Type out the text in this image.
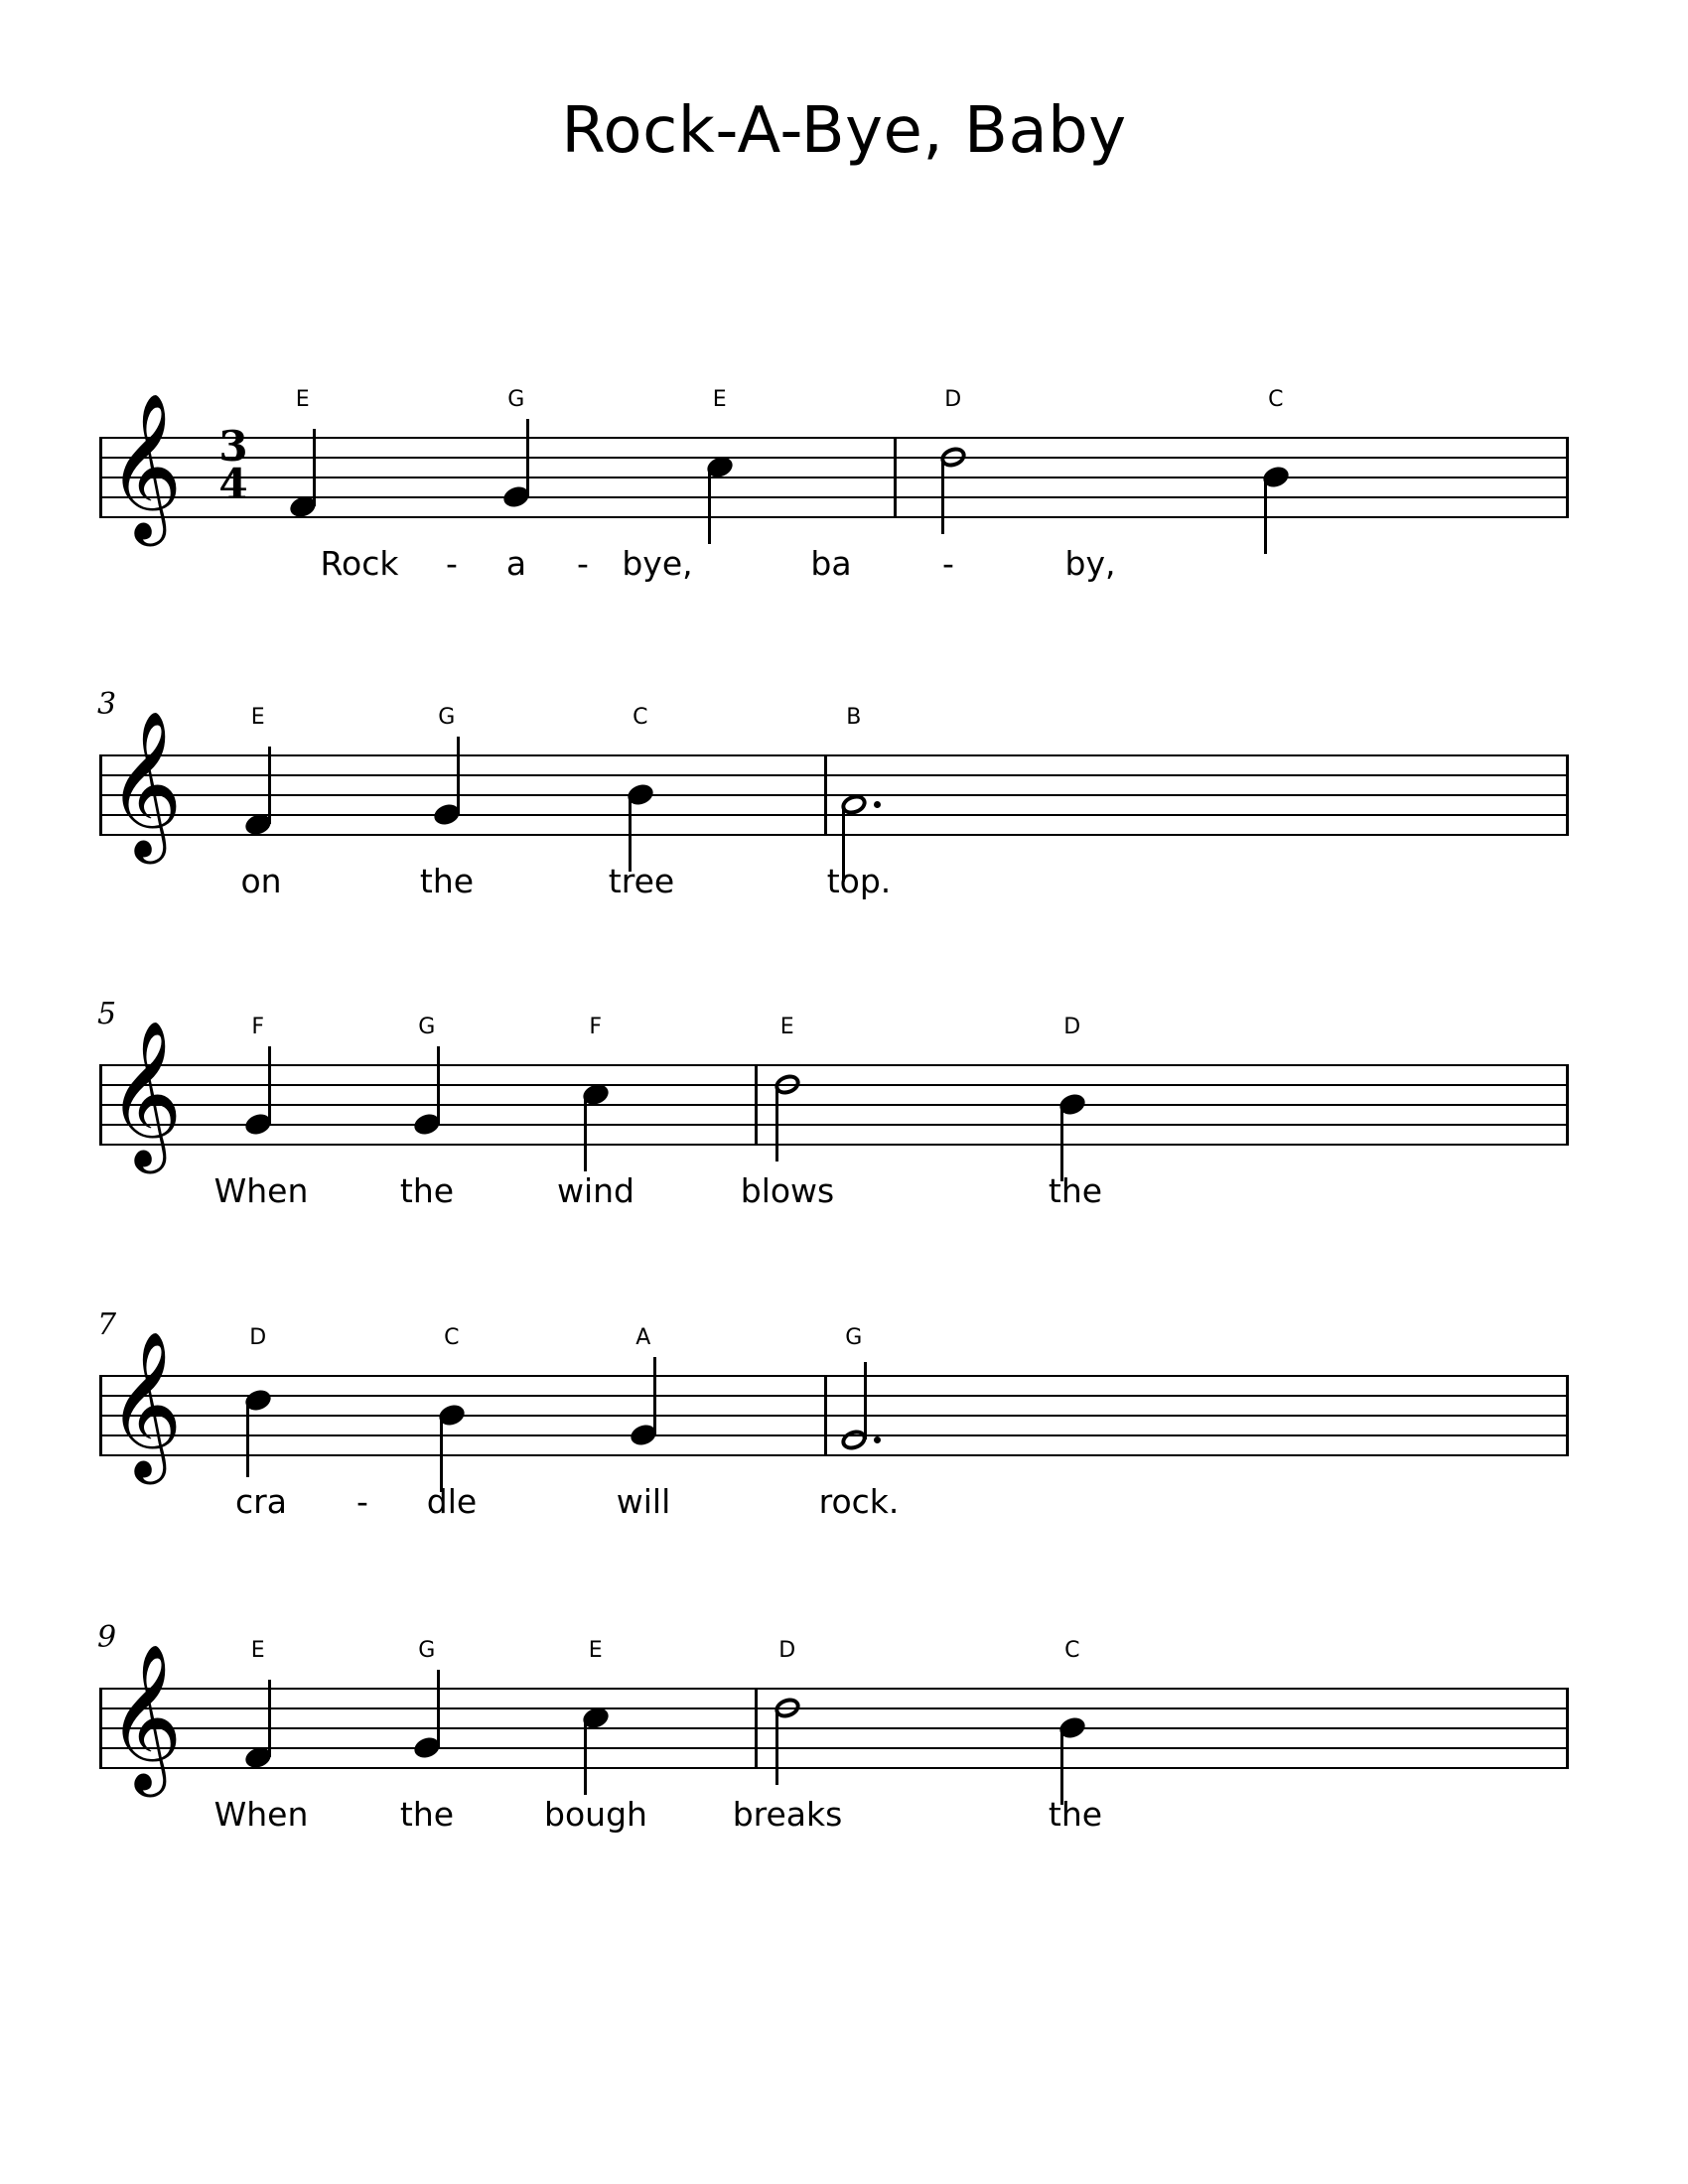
Rock-A-Bye, Baby
E	G	E	D	C
𝄞 3
4
Rock - a - bye,	ba	-	by,
3	E	G	C	B
𝄞
on	the	tree	top.
5	F	G	F	E	D
𝄞
When	the	wind	blows	the
7	D	C	A	G
𝄞
cra - dle	will	rock.
9	E	G	E	D	C
𝄞
When	the	bough	breaks	the
